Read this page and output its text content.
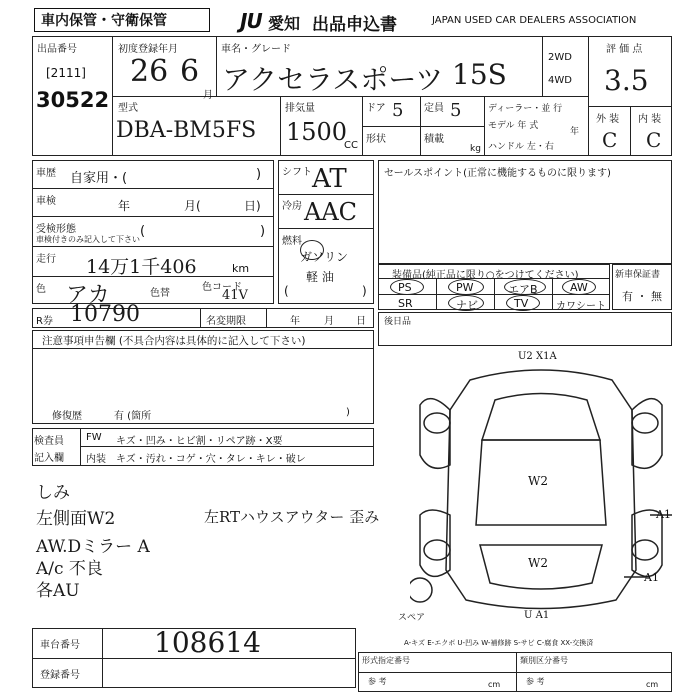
車内保管・守衛保管	JU 愛知 出品申込書	JAPAN USED CAR DEALERS ASSOCIATION
出品番号
[2111]
30522
初度登録年月
26 6
月
車名・グレード
アクセラスポーツ 15S
2WD
4WD
評 価 点
3.5
外 装 内 装
C C
型式
DBA-BM5FS
排気量
1500
CC
ドア 5 定員 5
形状	積載
kg
ディーラー・並 行
モデル 年 式
年
ハンドル 左・右
車歴 自家用・(	)
車検	年	月(	日)
受検形態
車検付きのみ記入して下さい
(	)
走行 14万1千406	km
色 アカ	色替
色コード
41V
シフト AT
冷房 AAC
燃料
ガソリン
軽 油
(	)
セールスポイント(正常に機能するものに限ります)
装備品(純正品に限り○をつけてください)
PS	PW	エアB	AW
SR	ナビ	TV	カワシート
新車保証書
有 ・ 無
後日品
R券 10790	名変期限	年 月 日
注意事項申告欄 (不具合内容は具体的に記入して下さい)
修復歴	有 (箇所	)
検査員
記入欄
FW キズ・凹み・ヒビ割・リペア跡・X要
内装 キズ・汚れ・コゲ・穴・タレ・キレ・破レ
しみ
左側面W2
AW.Dミラー A
A/c 不良
各AU
左RTハウスアウター 歪み
U2 X1A
W2
W2
A1
A1
U A1
スペア
A-キズ E-エクボ U-凹み W-補修跡 S-サビ C-腐食 XX-交換済
車台番号	108614
登録番号
形式指定番号	類別区分番号
参 考	cm	参 考	cm
